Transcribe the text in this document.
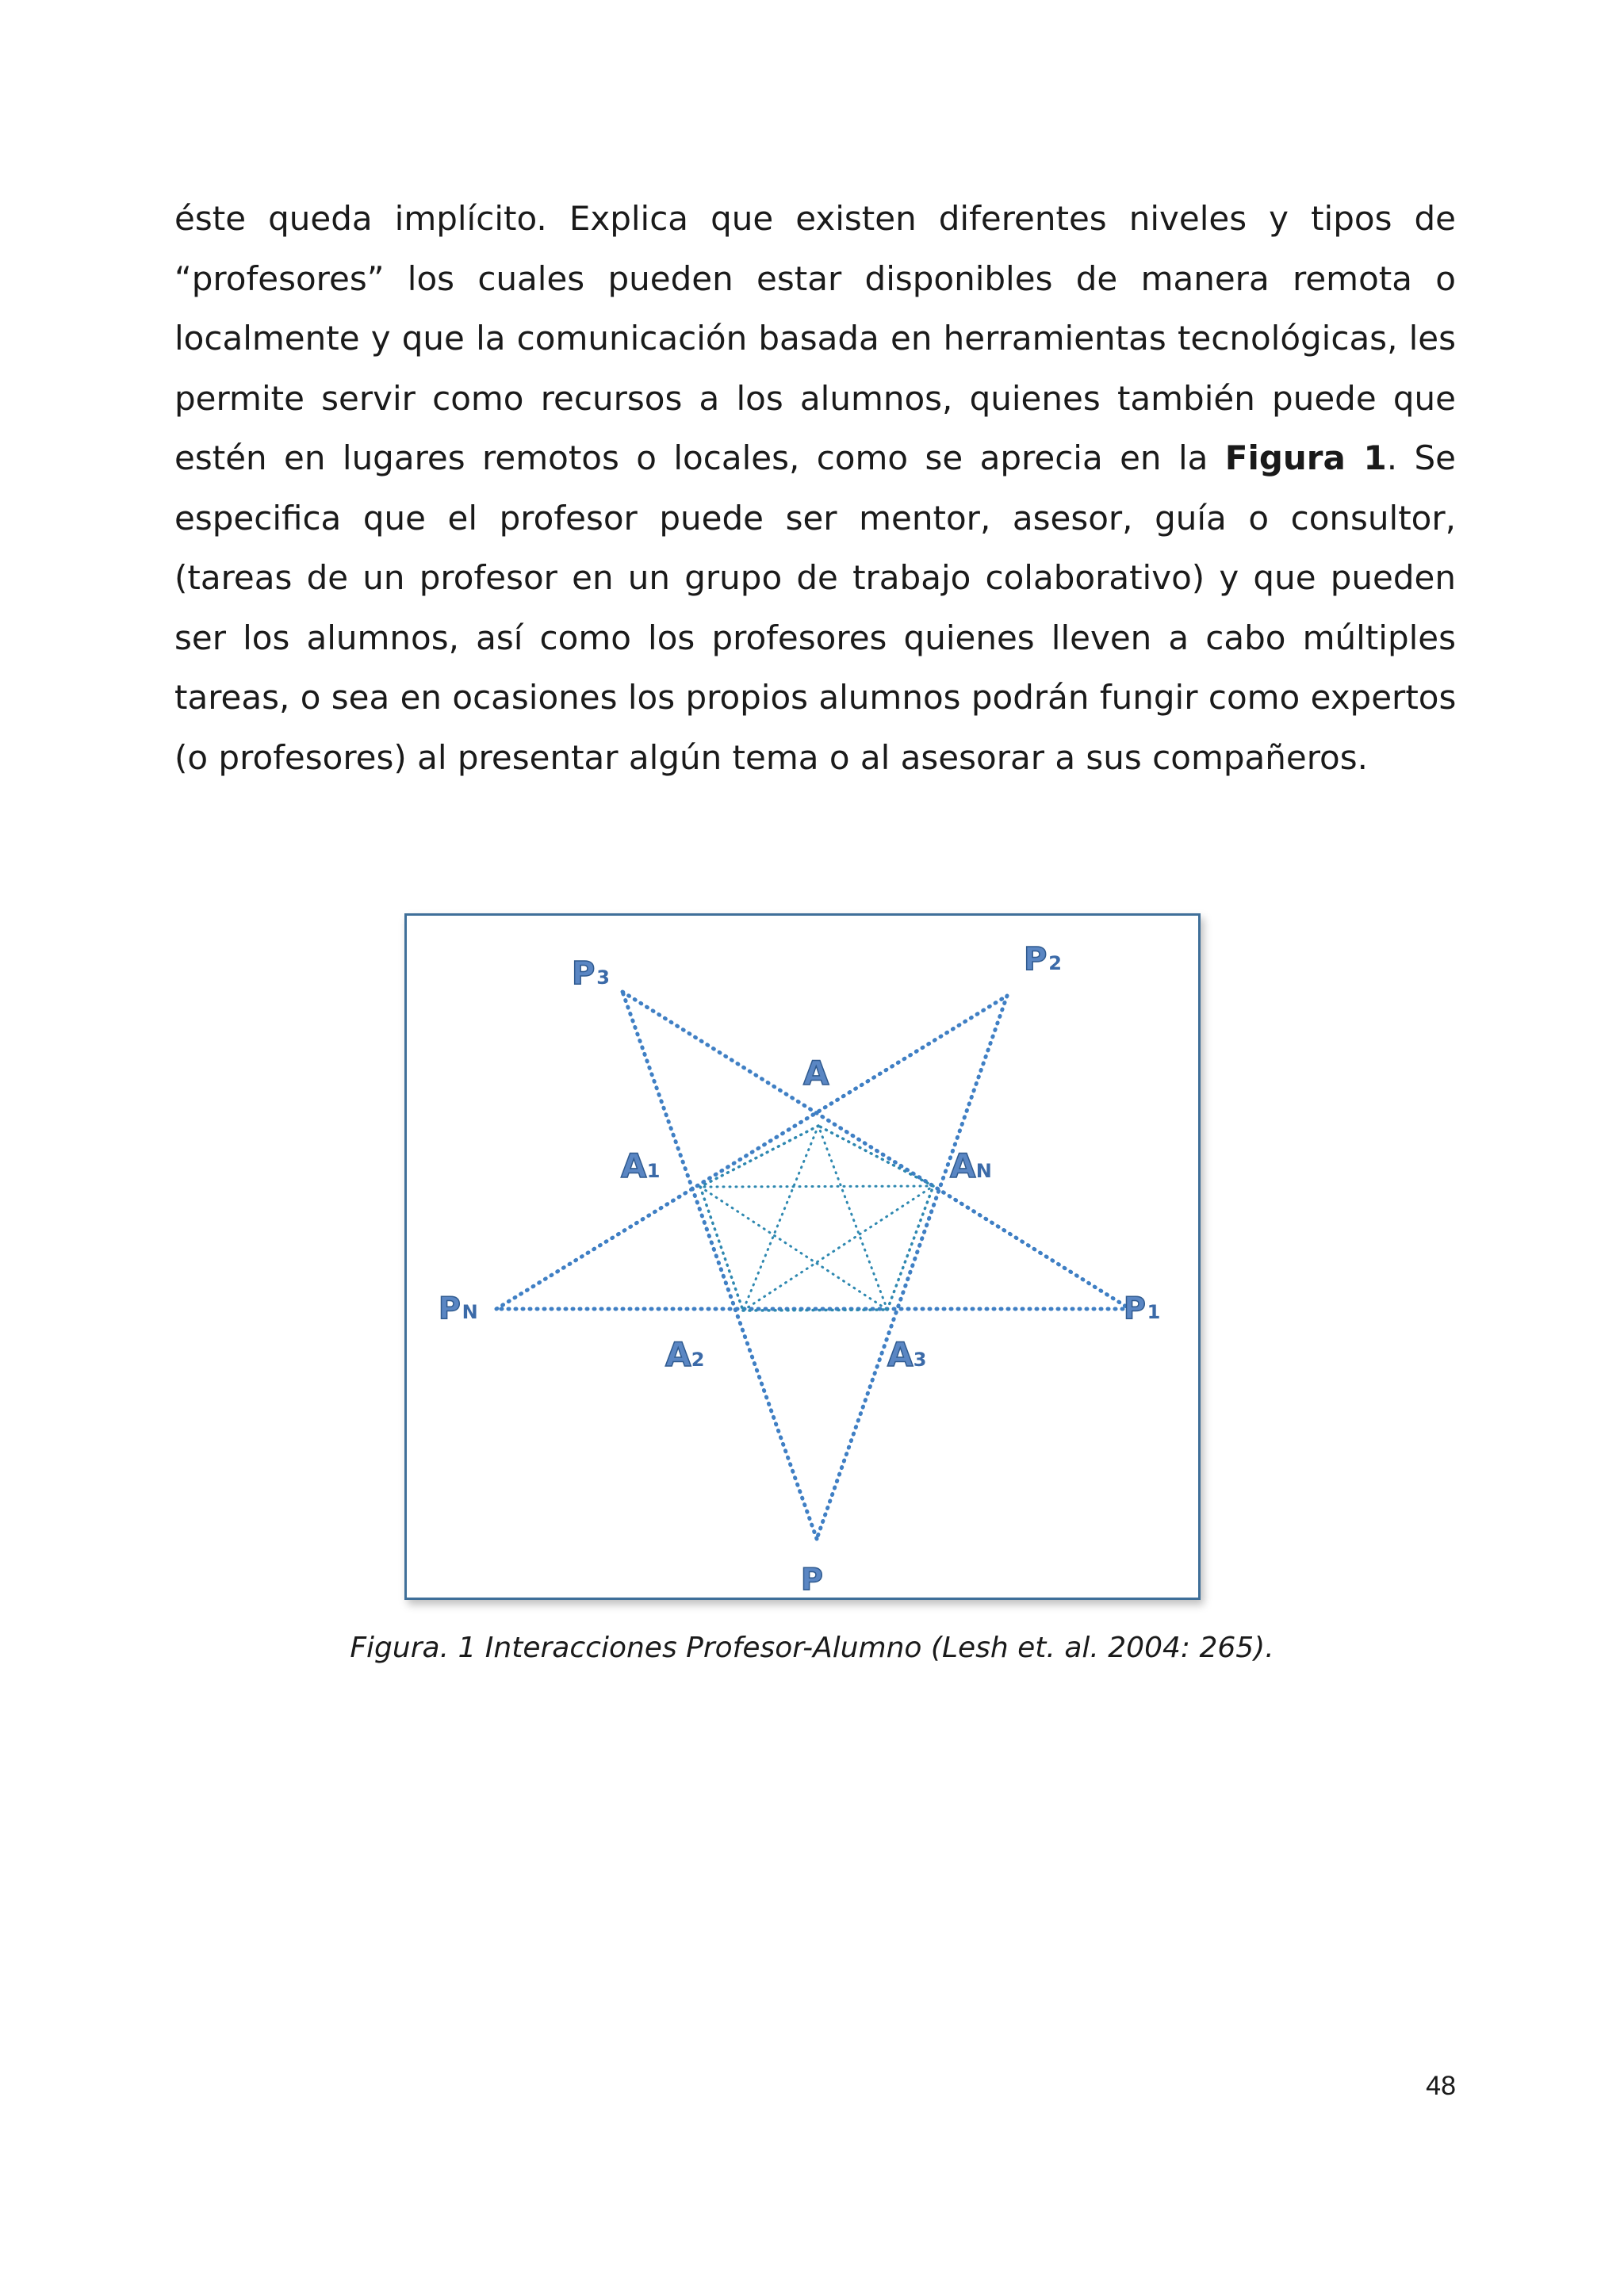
éste queda implícito. Explica que existen diferentes niveles y tipos de
“profesores” los cuales pueden estar disponibles de manera remota o
localmente y que la comunicación basada en herramientas tecnológicas, les
permite servir como recursos a los alumnos, quienes también puede que
estén en lugares remotos o locales, como se aprecia en la Figura 1. Se
especifica que el profesor puede ser mentor, asesor, guía o consultor,
(tareas de un profesor en un grupo de trabajo colaborativo) y que pueden
ser los alumnos, así como los profesores quienes lleven a cabo múltiples
tareas, o sea en ocasiones los propios alumnos podrán fungir como expertos
(o profesores) al presentar algún tema o al asesorar a sus compañeros.
P 3	P 2
A
A 1	A N
P N	P 1
A 2	A 3
P
Figura. 1 Interacciones Profesor-Alumno (Lesh et. al. 2004: 265).
48
